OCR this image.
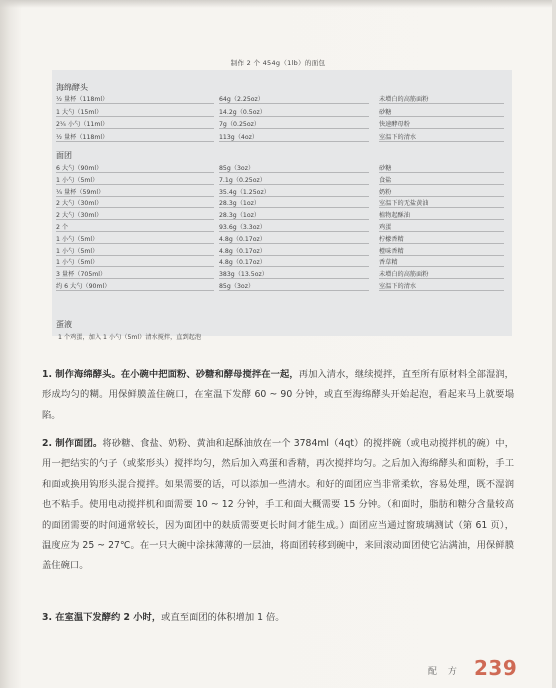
制作 2 个 454g（1lb）的面包
海绵酵头
½ 量杯（118ml）	64g（2.25oz）	未增白的高筋面粉
1 大勺（15ml）	14.2g（0.5oz）	砂糖
2¼ 小勺（11ml）	7g（0.25oz）	快速酵母粉
½ 量杯（118ml）	113g（4oz）	室温下的清水
面团
6 大勺（90ml）	85g（3oz）	砂糖
1 小勺（5ml）	7.1g（0.25oz）	食盐
¼ 量杯（59ml）	35.4g（1.25oz）	奶粉
2 大勺（30ml）	28.3g（1oz）	室温下的无盐黄油
2 大勺（30ml）	28.3g（1oz）	植物起酥油
2 个	93.6g（3.3oz）	鸡蛋
1 小勺（5ml）	4.8g（0.17oz）	柠檬香精
1 小勺（5ml）	4.8g（0.17oz）	橙味香精
1 小勺（5ml）	4.8g（0.17oz）	香草精
3 量杯（705ml）	383g（13.5oz）	未增白的高筋面粉
约 6 大勺（90ml）	85g（3oz）	室温下的清水
蛋液
1 个鸡蛋，加入 1 小勺（5ml）清水搅拌，直到起泡
1. 制作海绵酵头。在小碗中把面粉、砂糖和酵母搅拌在一起，再加入清水，继续搅拌，直至所有原材料全部湿润，形成均匀的糊。用保鲜膜盖住碗口，在室温下发酵 60 ~ 90 分钟，或直至海绵酵头开始起泡，看起来马上就要塌陷。
2. 制作面团。将砂糖、食盐、奶粉、黄油和起酥油放在一个 3784ml（4qt）的搅拌碗（或电动搅拌机的碗）中，用一把结实的勺子（或桨形头）搅拌均匀，然后加入鸡蛋和香精，再次搅拌均匀。之后加入海绵酵头和面粉，手工和面或换用钩形头混合搅拌。如果需要的话，可以添加一些清水。和好的面团应当非常柔软，容易处理，既不湿润也不粘手。使用电动搅拌机和面需要 10 ~ 12 分钟，手工和面大概需要 15 分钟。（和面时，脂肪和糖分含量较高的面团需要的时间通常较长，因为面团中的麸质需要更长时间才能生成。）面团应当通过窗玻璃测试（第 61 页），温度应为 25 ~ 27℃。在一只大碗中涂抹薄薄的一层油，将面团转移到碗中，来回滚动面团使它沾满油，用保鲜膜盖住碗口。
3. 在室温下发酵约 2 小时，或直至面团的体积增加 1 倍。
配 方 239
